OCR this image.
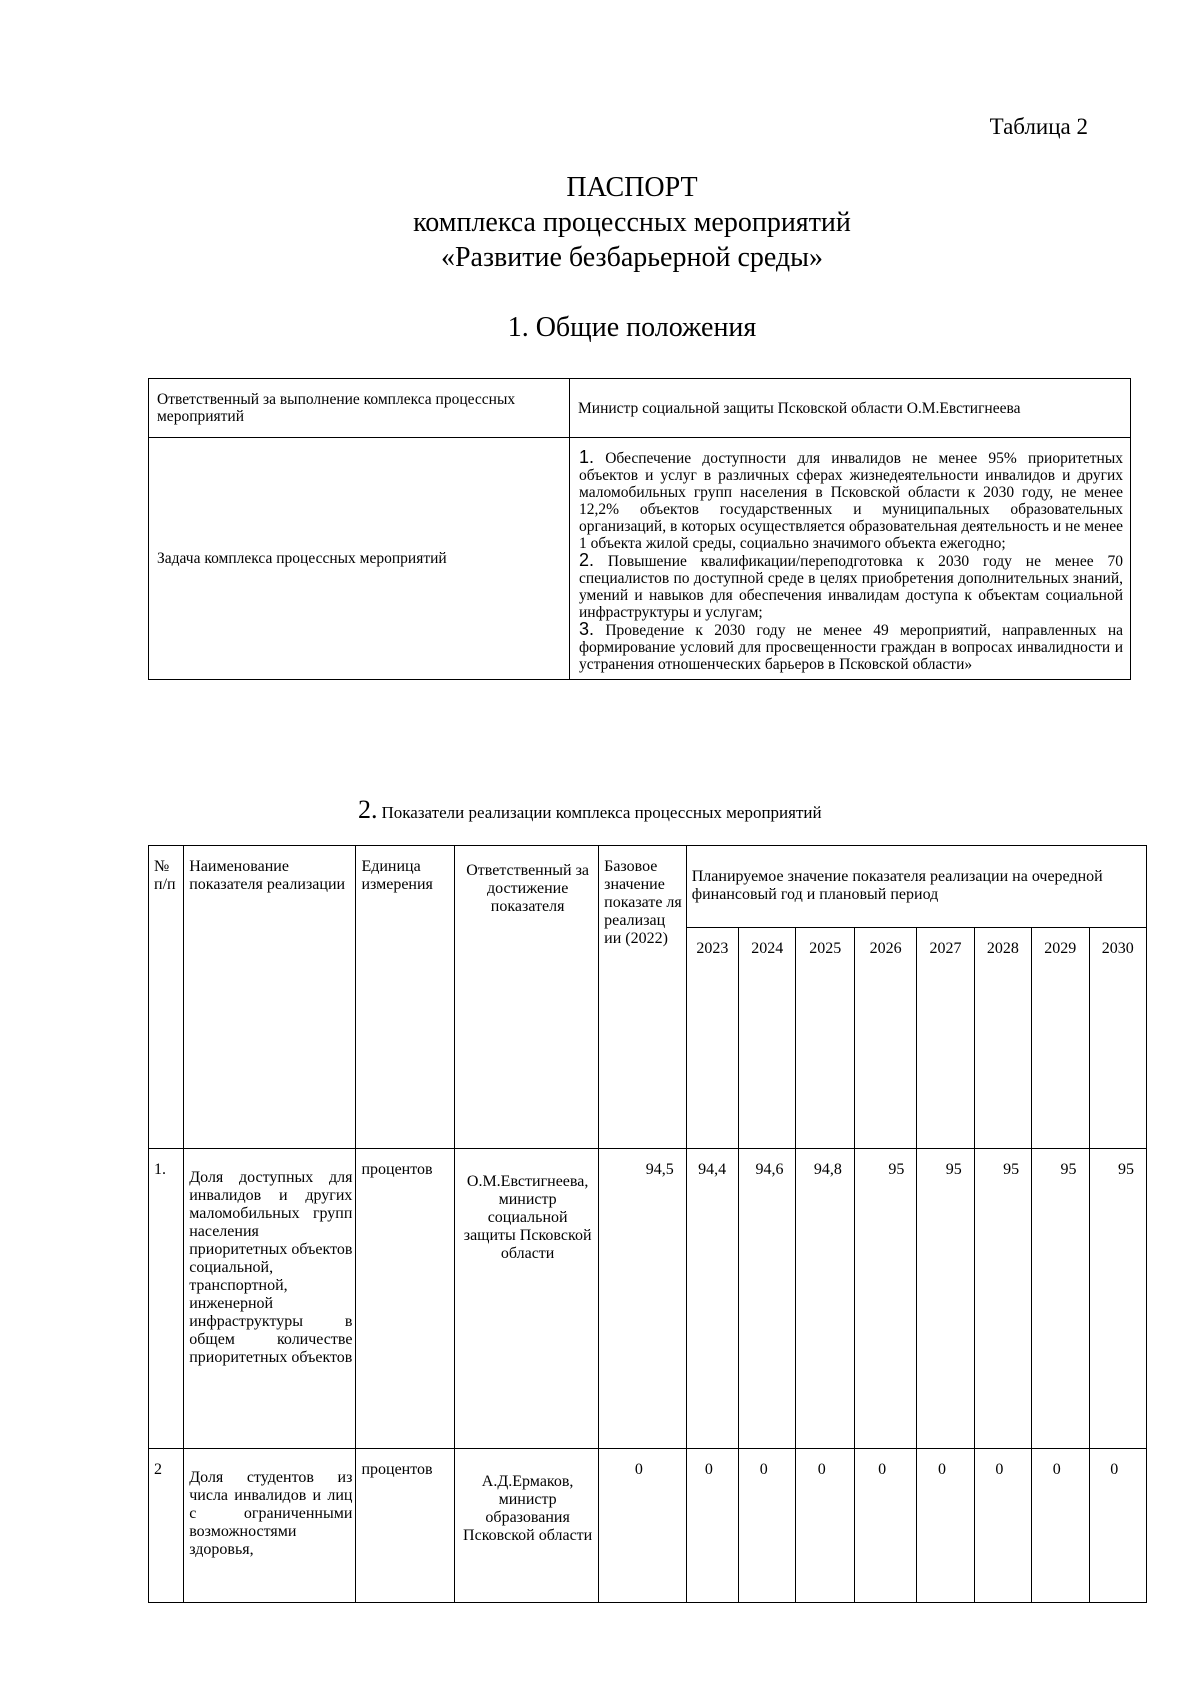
Таблица 2
ПАСПОРТ
комплекса процессных мероприятий
«Развитие безбарьерной среды»
1. Общие положения
Ответственный за выполнение комплекса процессных мероприятий	Министр социальной защиты Псковской области О.М.Евстигнеева
Задача комплекса процессных мероприятий	1. Обеспечение доступности для инвалидов не менее 95% приоритетных объектов и услуг в различных сферах жизнедеятельности инвалидов и других маломобильных групп населения в Псковской области к 2030 году, не менее 12,2% объектов государственных и муниципальных образовательных организаций, в которых осуществляется образовательная деятельность и не менее 1 объекта жилой среды, социально значимого объекта ежегодно;

2. Повышение квалификации/переподготовка к 2030 году не менее 70 специалистов по доступной среде в целях приобретения дополнительных знаний, умений и навыков для обеспечения инвалидам доступа к объектам социальной инфраструктуры и услугам;

3. Проведение к 2030 году не менее 49 мероприятий, направленных на формирование условий для просвещенности граждан в вопросах инвалидности и устранения отношенческих барьеров в Псковской области»

2. Показатели реализации комплекса процессных мероприятий
№ п/п	Наименование показателя реализации	Единица измерения	Ответственный за достижение показателя	Базовое значение показате ля реализац ии (2022)	Планируемое значение показателя реализации на очередной финансовый год и плановый период							
					2023	2024	2025	2026	2027	2028	2029	2030
1.	Доля доступных для инвалидов и других маломобильных групп населения приоритетных объектов социальной, транспортной, инженерной инфраструктуры в общем количестве приоритетных объектов	процентов	О.М.Евстигнеева, министр социальной защиты Псковской области	94,5	94,4	94,6	94,8	95	95	95	95	95
2	Доля студентов из числа инвалидов и лиц с ограниченными возможностями здоровья,	процентов	А.Д.Ермаков, министр образования Псковской области	0	0	0	0	0	0	0	0	0
